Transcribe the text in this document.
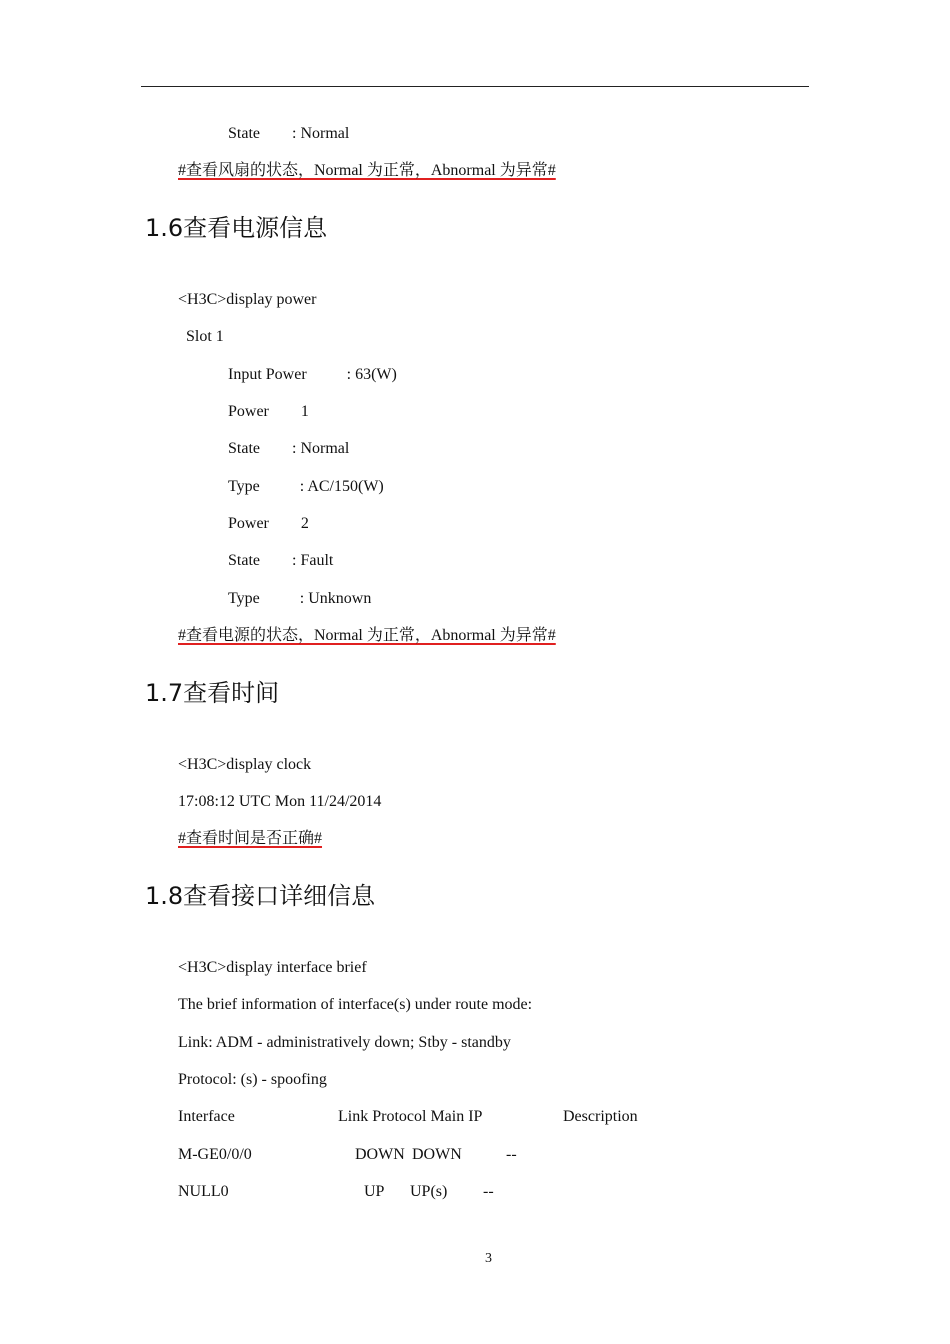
State        : Normal
#查看风扇的状态，Normal 为正常，Abnormal 为异常#
1.6查看电源信息
<H3C>display power
Slot 1
Input Power          : 63(W)
Power        1
State        : Normal
Type          : AC/150(W)
Power        2
State        : Fault
Type          : Unknown
#查看电源的状态，Normal 为正常，Abnormal 为异常#
1.7查看时间
<H3C>display clock
17:08:12 UTC Mon 11/24/2014
#查看时间是否正确#
1.8查看接口详细信息
<H3C>display interface brief
The brief information of interface(s) under route mode:
Link: ADM - administratively down; Stby - standby
Protocol: (s) - spoofing
Interface	Link Protocol Main IP	Description
M-GE0/0/0	DOWN DOWN	--
NULL0	UP UP(s) --
3
